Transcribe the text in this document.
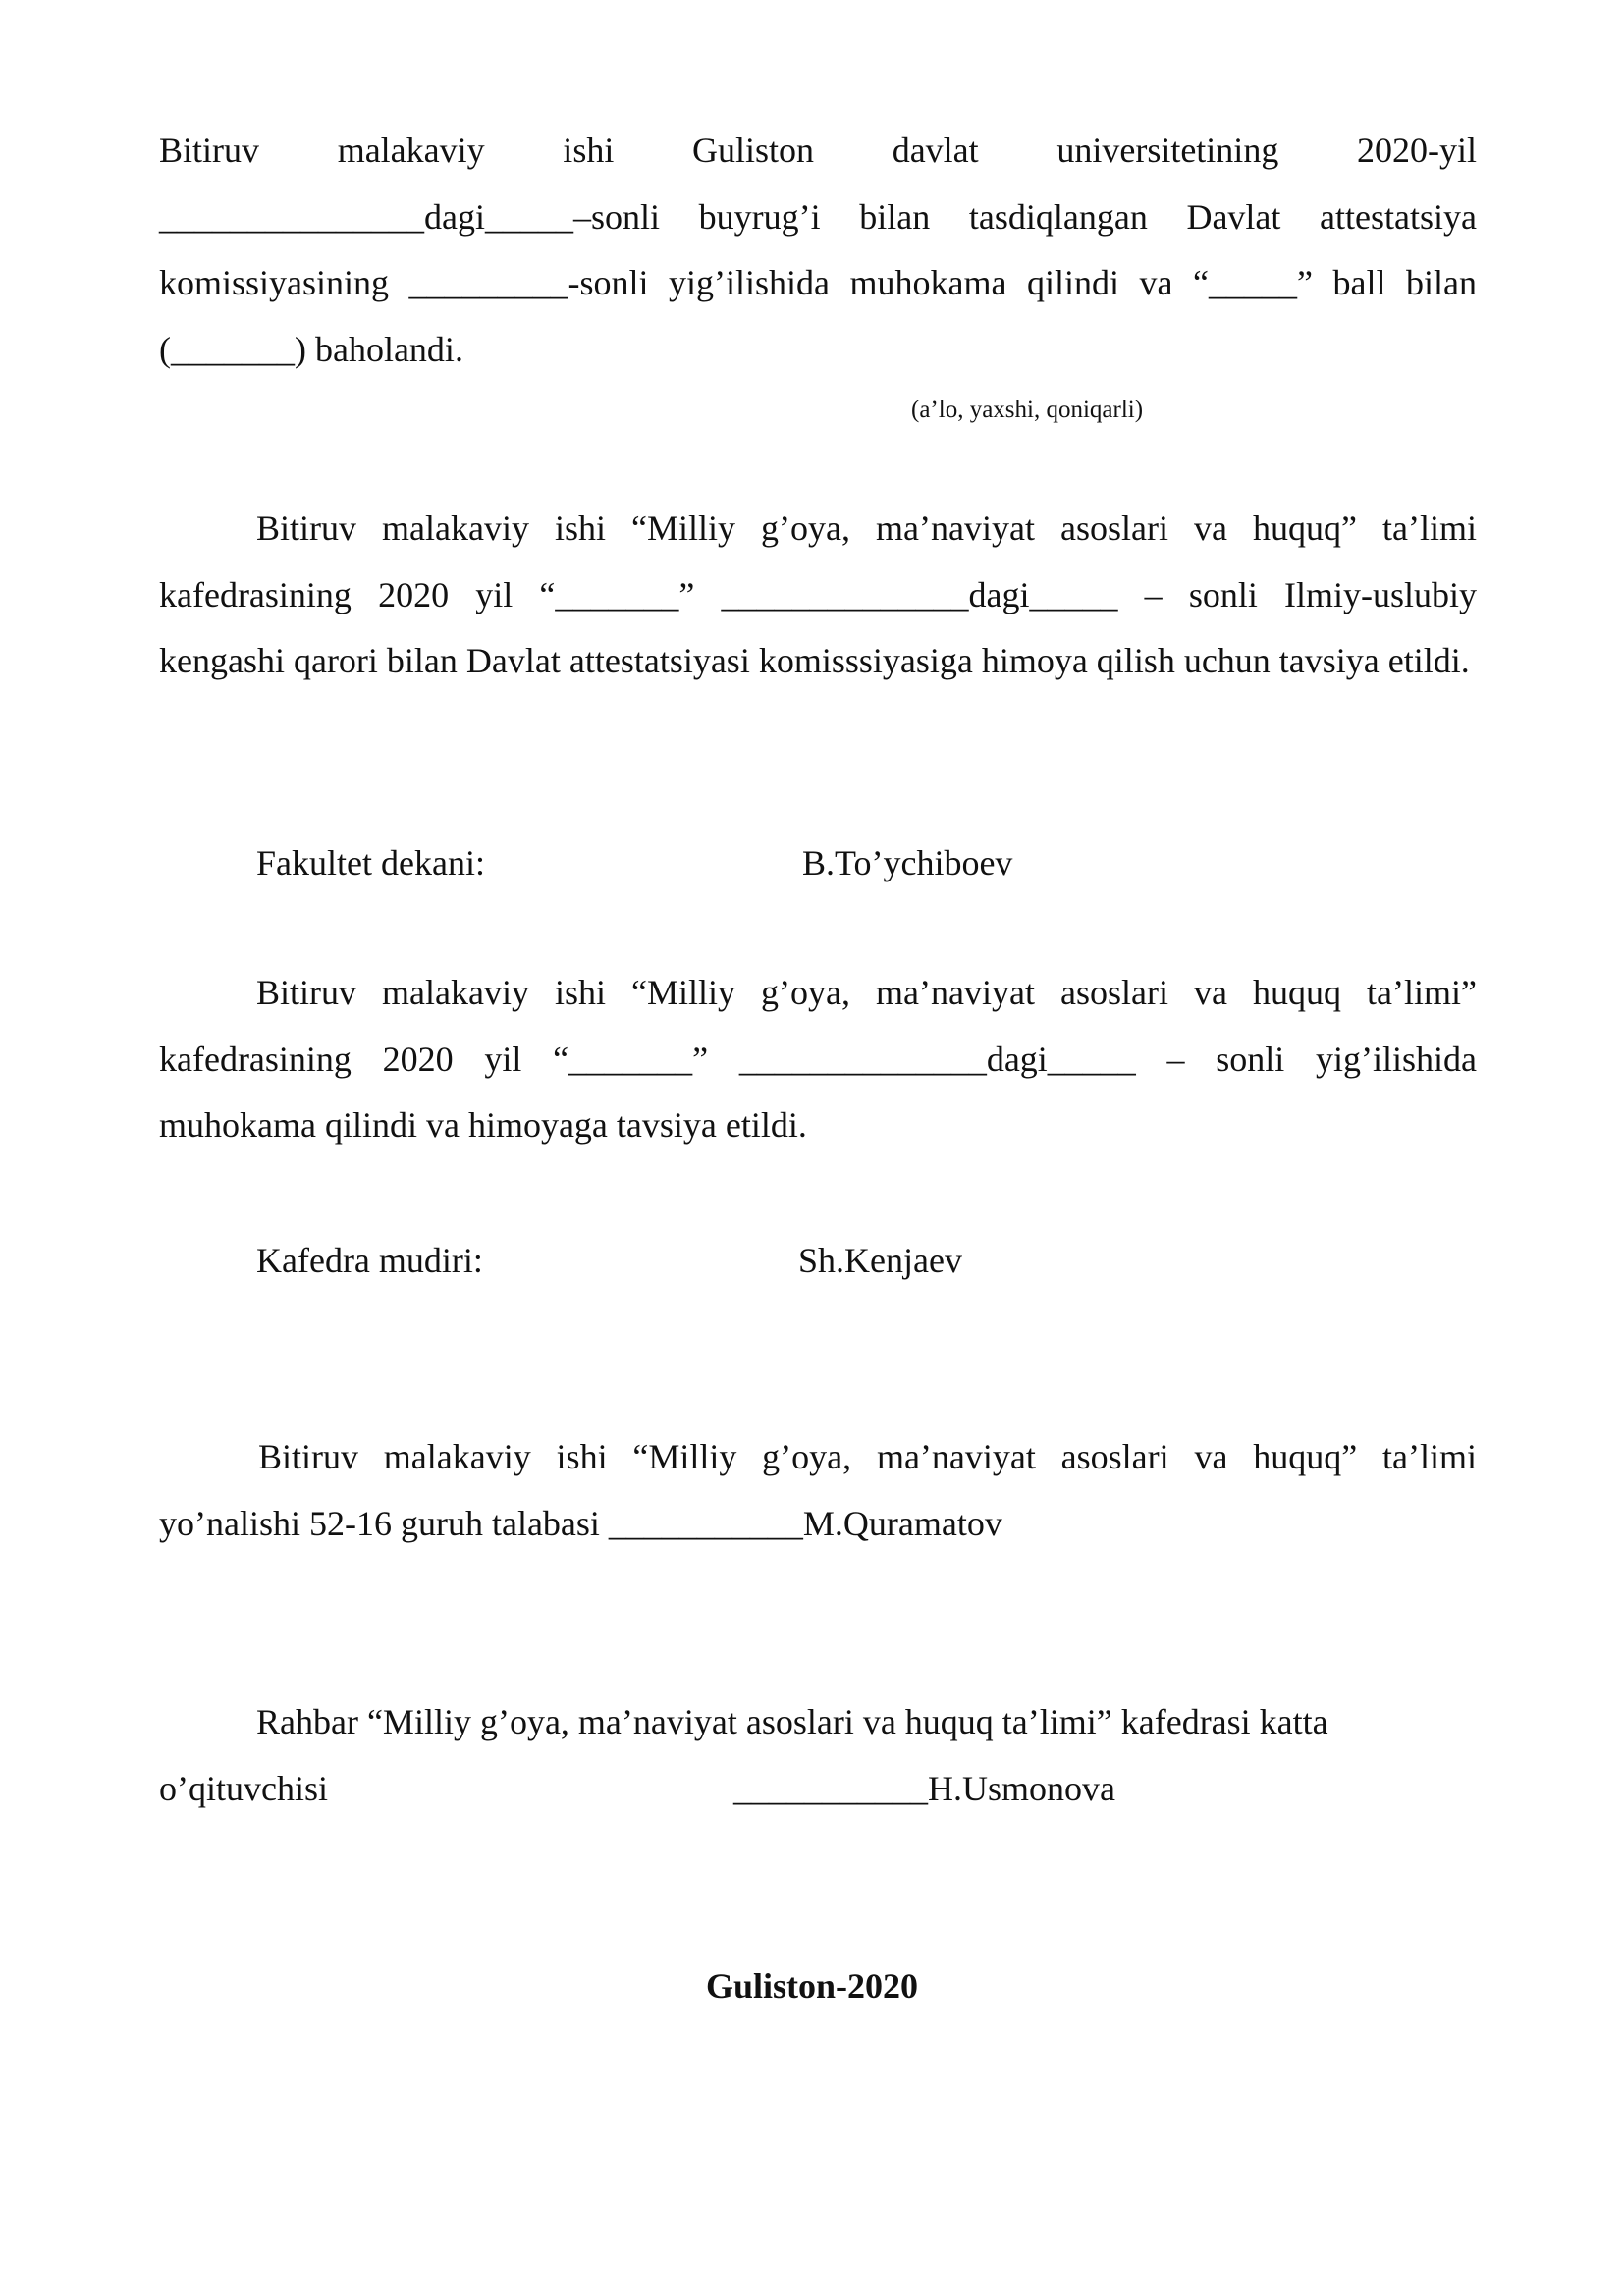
Bitiruv malakaviy ishi Guliston davlat universitetining 2020-yil _______________dagi_____–sonli buyrug’i bilan tasdiqlangan Davlat attestatsiya komissiyasining _________-sonli yig’ilishida muhokama qilindi va “_____” ball bilan (_______) baholandi.

(a’lo, yaxshi, qoniqarli)

Bitiruv malakaviy ishi “Milliy g’oya, ma’naviyat asoslari va huquq” ta’limi kafedrasining 2020 yil “_______” ______________dagi_____ – sonli Ilmiy-uslubiy kengashi qarori bilan Davlat attestatsiyasi komisssiyasiga himoya qilish uchun tavsiya etildi.

Fakultet dekani:	B.To’ychiboev

Bitiruv malakaviy ishi “Milliy g’oya, ma’naviyat asoslari va huquq ta’limi” kafedrasining 2020 yil “_______” ______________dagi_____ – sonli yig’ilishida muhokama qilindi va himoyaga tavsiya etildi.

Kafedra mudiri:	Sh.Kenjaev

Bitiruv malakaviy ishi “Milliy g’oya, ma’naviyat asoslari va huquq” ta’limi yo’nalishi 52-16 guruh talabasi ___________M.Quramatov

Rahbar “Milliy g’oya, ma’naviyat asoslari va huquq ta’limi” kafedrasi katta

o’qituvchisi	___________H.Usmonova
Guliston-2020
